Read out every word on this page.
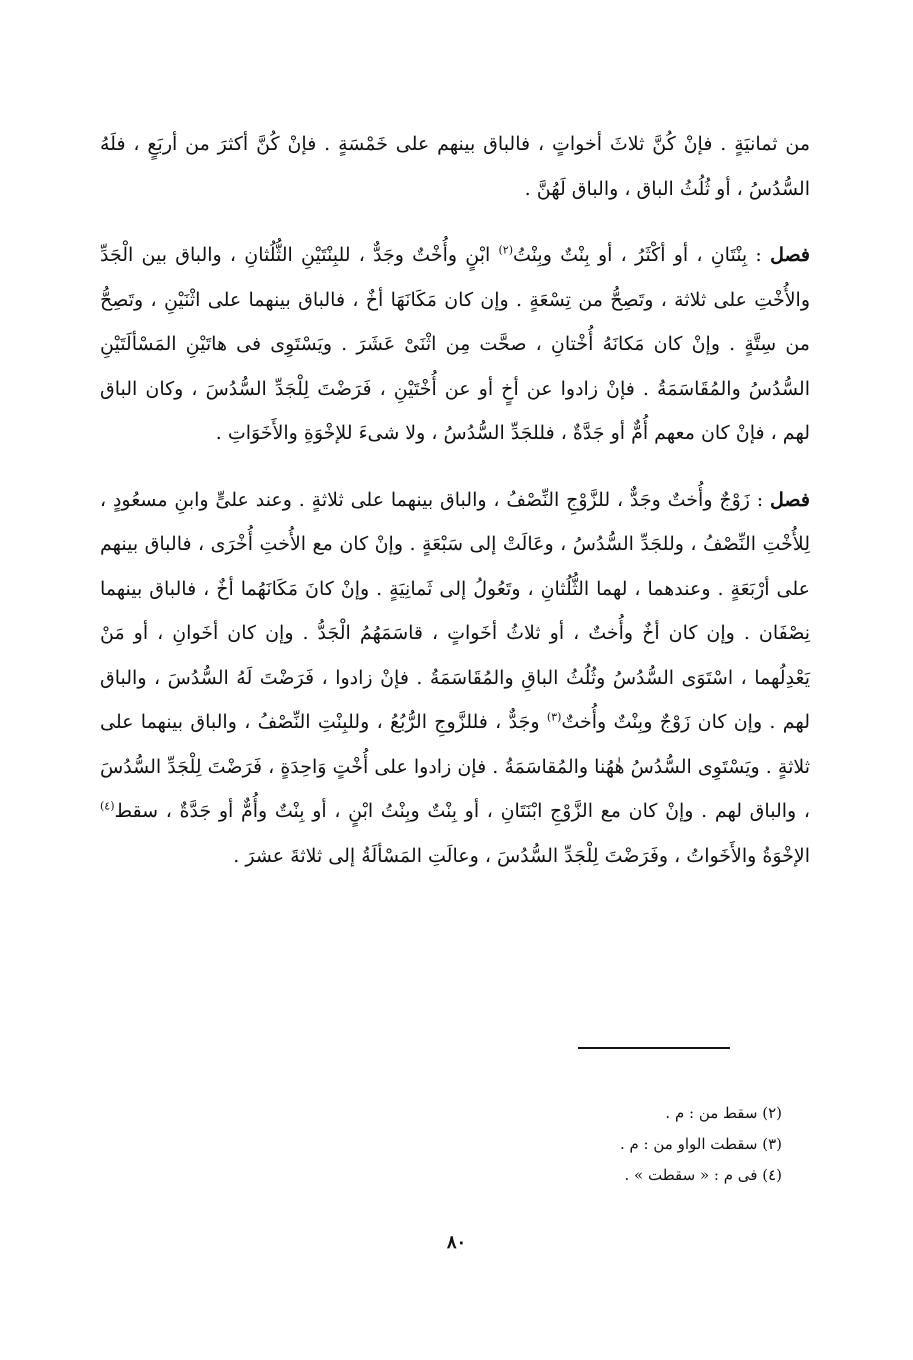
من ثمانيَةٍ . فإنْ كُنَّ ثلاثَ أخواتٍ ، فالباق بينهم على خَمْسَةٍ . فإنْ كُنَّ أكثرَ من أربَعٍ ، فلَهُ السُّدُسُ ، أو ثُلُثُ الباق ، والباق لَهُنَّ .

فصل : بِنْتَانِ ، أو أكْثَرُ ، أو بِنْتٌ وبِنْتُ$^{(٢)}$ ابْنٍ وأُخْتٌ وجَدٌّ ، للبِنْتَيْنِ الثُّلُثانِ ، والباق بين الْجَدِّ والأُخْتِ على ثلاثة ، وتَصِحُّ من تِسْعَةٍ . وإن كان مَكَانَهَا أخٌ ، فالباق بينهما على اثْنَيْنِ ، وتَصِحُّ من سِتَّةٍ . وإنْ كان مَكانَهُ أُخْتانِ ، صحَّت مِن اثْنَىْ عَشَرَ . ويَسْتَوِى فى هاتَيْنِ المَسْألَتَيْنِ السُّدُسُ والمُقَاسَمَةُ . فإنْ زادوا عن أخٍ أو عن أُخْتَيْنِ ، فَرَضْتَ لِلْجَدِّ السُّدُسَ ، وكان الباق لهم ، فإنْ كان معهم أُمٌّ أو جَدَّةٌ ، فللجَدِّ السُّدُسُ ، ولا شىءَ للإخْوَةِ والأَخَوَاتِ .

فصل : زَوْجٌ وأُختٌ وجَدٌّ ، للزَّوْجِ النِّصْفُ ، والباق بينهما على ثلاثةٍ . وعند علىٍّ وابنِ مسعُودٍ ، لِلأُخْتِ النِّصْفُ ، وللجَدِّ السُّدُسُ ، وعَالَتْ إلى سَبْعَةٍ . وإنْ كان مع الأُختِ أُخْرَى ، فالباق بينهم على أرْبَعَةٍ . وعندهما ، لهما الثُّلُثانِ ، وتَعُولُ إلى ثَمانِيَةٍ . وإنْ كانَ مَكَانَهُما أخٌ ، فالباق بينهما نِصْفَان . وإن كان أخٌ وأُختٌ ، أو ثلاثُ أخَواتٍ ، قاسَمَهُمُ الْجَدُّ . وإن كان أخَوانِ ، أو مَنْ يَعْدِلُهما ، اسْتَوَى السُّدُسُ وثُلُثُ الباقِ والمُقَاسَمَةُ . فإنْ زادوا ، فَرَضْتَ لَهُ السُّدُسَ ، والباق لهم . وإن كان زَوْجٌ وبِنْتٌ وأُختٌ$^{(٣)}$ وجَدٌّ ، فللزَّوجِ الرُّبُعُ ، وللبِنْتِ النِّصْفُ ، والباق بينهما على ثلاثةٍ . ويَسْتَوِى السُّدُسُ هٰهُنا والمُقاسَمَةُ . فإن زادوا على أُخْتٍ وَاحِدَةٍ ، فَرَضْتَ لِلْجَدِّ السُّدُسَ ، والباق لهم . وإنْ كان مع الزَّوْجِ ابْنَتَانِ ، أو بِنْتٌ وبِنْتُ ابْنٍ ، أو بِنْتٌ وأُمٌّ أو جَدَّةٌ ، سقط$^{(٤)}$ الإخْوَةُ والأَخَواتُ ، وفَرَضْتَ لِلْجَدِّ السُّدُسَ ، وعالَتِ المَسْألَةُ إلى ثلاثةَ عشرَ .

(٢) سقط من : م .
(٣) سقطت الواو من : م .
(٤) فى م : « سقطت » .
٨٠
